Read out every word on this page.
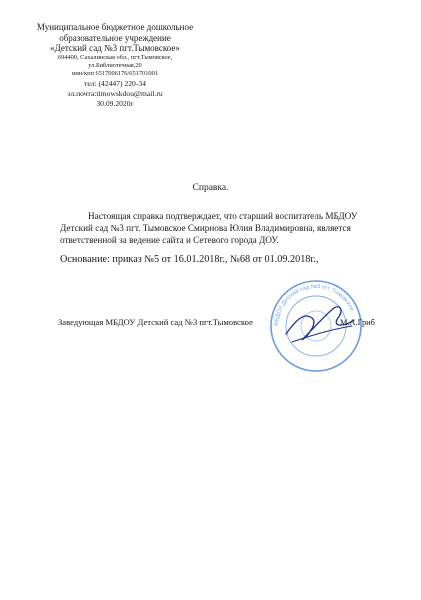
Муниципальное бюджетное дошкольное
образовательное учреждение
«Детский сад №3 пгт.Тымовское»
694400, Сахалинская обл., пгт.Тымовское,
ул.Библиотечная,20
инн/кпп 6517006176/651701001
тел: (42447) 220-34
эл.почта:timowskdou@mail.ru
30.09.2020г
Справка.
Настоящая справка подтверждает, что старший воспитатель МБДОУ Детский сад №3 пгт. Тымовское Смирнова Юлия Владимировна, является ответственной за ведение сайта и Сетевого города ДОУ.
Основание: приказ №5 от 16.01.2018г., №68 от 01.09.2018г.,
Заведующая МБДОУ Детский сад №3 пгт.Тымовское	МБДОУ Детский сад №3 пгт. Тымовское
М.А.Гриб
